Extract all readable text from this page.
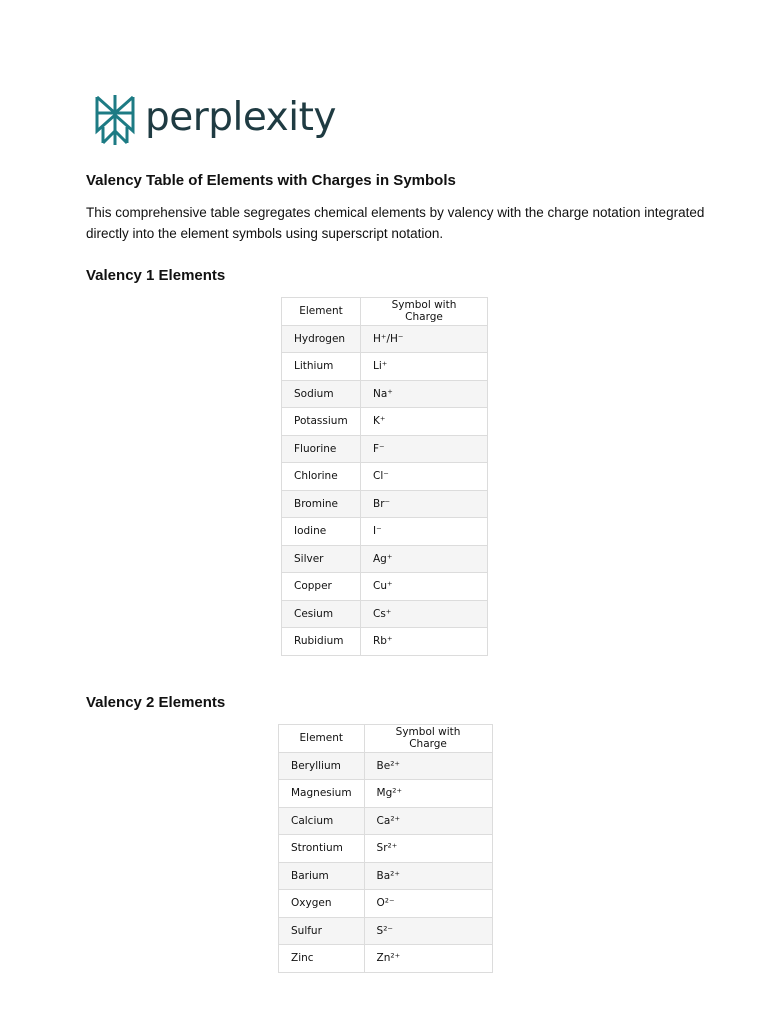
perplexity
Valency Table of Elements with Charges in Symbols

This comprehensive table segregates chemical elements by valency with the charge notation integrated directly into the element symbols using superscript notation.

Valency 1 Elements
Element	Symbol with Charge
Hydrogen	H⁺/H⁻
Lithium	Li⁺
Sodium	Na⁺
Potassium	K⁺
Fluorine	F⁻
Chlorine	Cl⁻
Bromine	Br⁻
Iodine	I⁻
Silver	Ag⁺
Copper	Cu⁺
Cesium	Cs⁺
Rubidium	Rb⁺
Valency 2 Elements
Element	Symbol with Charge
Beryllium	Be²⁺
Magnesium	Mg²⁺
Calcium	Ca²⁺
Strontium	Sr²⁺
Barium	Ba²⁺
Oxygen	O²⁻
Sulfur	S²⁻
Zinc	Zn²⁺
